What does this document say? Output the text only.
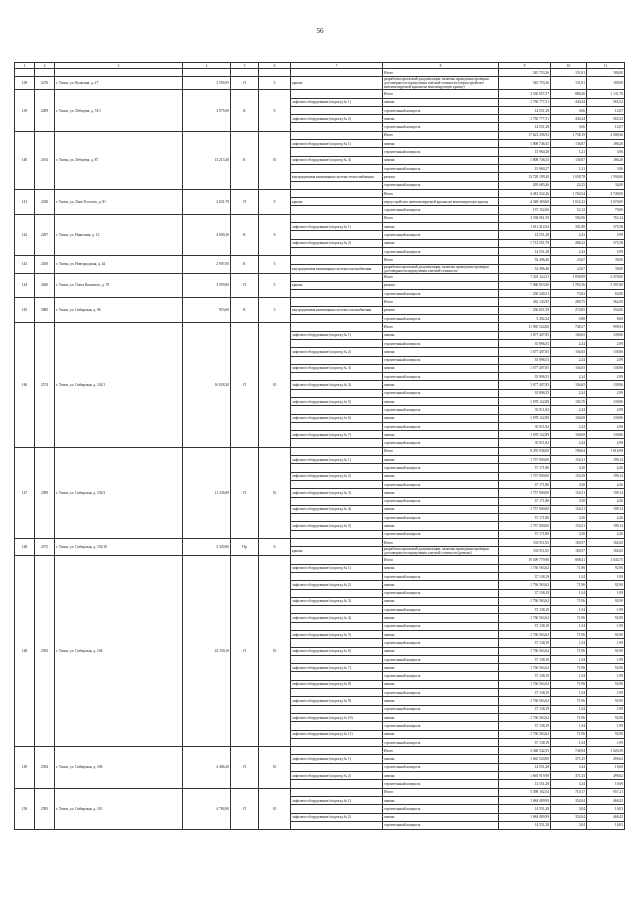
56
1	2	3	4	5	6	7	8	9	10	11
							Итого	545 753,36	151,81	180,00
138	2276	г. Томск, ул. Кулагина, д. 27	3 594,95	П	5	крыша	разработка проектной документации, включая проведение проверки достоверности определения сметной стоимости (переустройство невентилируемой крыши на вентилируемую крышу)	545 753,36	151,81	180,00
139	2289	г. Томск, ул. Лебедева, д. 74/1	3 975,00	К	9		Итого	3 530 657,57	888,20	1 131,76
						лифтовое оборудование (подъезд № 1)	замена	1 750 777,51	440,44	565,52
							строительный контроль	14 551,28	3,66	12,07
						лифтовое оборудование (подъезд № 2)	замена	1 750 777,51	440,44	565,52
							строительный контроль	14 551,28	3,66	12,07
140	2163	г. Томск, ул. Лебедева, д. 87	13 215,40	К	10		Итого	17 623 296,95	1 738,19	2 008,26
						лифтовое оборудование (подъезд № 1)	замена	1 808 746,55	136,87	186,20
							строительный контроль	15 960,28	1,21	3,96
						лифтовое оборудование (подъезд № 4)	замена	1 808 746,55	136,87	186,20
							строительный контроль	15 960,27	1,21	3,96
						внутридомовая инженерная система теплоснабжения	ремонт	13 728 199,20	1 038,78	1 594,00
							строительный контроль	295 683,46	22,25	34,00
141	2438	г. Томск, ул. Льва Толстого, д. 81	2 631,70	П	5		Итого	4 481 522,26	1 704,54	3 749,00
						крыша	переустройство невентилируемой крыши на вентилируемую крышу	4 348 369,60	1 652,22	3 670,00
							строительный контроль	137 152,66	52,12	79,00
142	2297	г. Томск, ул. Никитина, д. 12	4 000,30	К	8		Итого	3 538 061,59	592,96	763,14
						лифтовое оборудование (подъезд № 1)	замена	1 811 412,04	301,88	375,58
							строительный контроль	14 551,28	2,43	5,99
						лифтовое оборудование (подъезд № 2)	замена	1 712 551,79	286,22	375,58
							строительный контроль	14 551,28	2,43	5,99
143	2450	г. Томск, ул. Новгородская, д. 42	2 907,00	К	5		Итого	92 496,40	23,67	39,00
						внутридомовая инженерная система газоснабжения	разработка проектной документации, включая проведение проверки достоверности определения сметной стоимости	52 496,40	23,67	39,00
144	2650	г. Томск, ул. Олега Кошевого, д. 70	3 959,80	П	5		Итого	7 201 124,11	1 858,99	3 470,00
						крыша	ремонт	7 060 853,90	1 783,36	3 397,00
							строительный контроль	250 340,21	73,63	63,00
145	3985	г. Томск, ул. Сибирская, д. 96	953,60	К	3		Итого	262 143,95	280,75	362,00
						внутридомовая инженерная система газоснабжения	ремонт	256 651,59	274,85	354,00
							строительный контроль	5 492,24	5,88	8,00
146	2574	г. Томск, ул. Сибирская, д. 102/1	16 028,30	П	10		Итого	11 995 524,60	748,37	999,93
						лифтовое оборудование (подъезд № 1)	замена	1 677 407,85	104,65	139,86
							строительный контроль	35 896,55	2,24	2,99
						лифтовое оборудование (подъезд № 2)	замена	1 677 407,85	104,65	139,86
							строительный контроль	35 896,55	2,24	2,99
						лифтовое оборудование (подъезд № 3)	замена	1 677 407,85	104,65	139,86
							строительный контроль	35 896,55	2,24	2,99
						лифтовое оборудование (подъезд № 4)	замена	1 677 407,85	104,65	139,86
							строительный контроль	35 896,55	2,24	2,99
						лифтовое оборудование (подъезд № 5)	замена	1 678 122,89	104,70	139,86
							строительный контроль	35 911,82	2,24	2,99
						лифтовое оборудование (подъезд № 6)	замена	1 678 122,89	104,69	139,86
							строительный контроль	35 911,82	2,24	2,99
						лифтовое оборудование (подъезд № 7)	замена	1 678 122,89	104,69	139,86
							строительный контроль	35 911,82	2,24	2,99
147	2589	г. Томск, ул. Сибирская, д. 102/3	11 236,89	П	10		Итого	8 470 938,00	788,04	1 016,99
						лифтовое оборудование (подъезд № 1)	замена	1 757 000,00	154,31	199,14
							строительный контроль	37 171,80	3,30	4,26
						лифтовое оборудование (подъезд № 2)	замена	1 757 000,00	154,39	199,14
							строительный контроль	37 171,80	3,30	4,26
						лифтовое оборудование (подъезд № 3)	замена	1 757 000,00	154,51	199,14
							строительный контроль	37 171,80	3,30	4,26
						лифтовое оборудование (подъезд № 4)	замена	1 757 000,00	154,51	199,14
							строительный контроль	37 171,80	3,30	4,26
						лифтовое оборудование (подъезд № 5)	замена	1 757 000,00	154,51	199,14
							строительный контроль	37 171,80	3,30	4,26
148	2575	г. Томск, ул. Сибирская, д. 102/10	3 320,90	Пр	6		Итого	333 911,65	160,57	182,00
						крыша	разработка проектной документации, включая проведение проверки достоверности определения сметной стоимости (ремонт)	333 911,65	160,57	182,00
148	2592	г. Томск, ул. Сибирская, д. 104	24 150,10	П	10		Итого	19 509 779,90	808,41	1 043,75
						лифтовое оборудование (подъезд № 1)	замена	1 736 563,62	71,96	92,90
							строительный контроль	37 138,19	1,54	1,99
						лифтовое оборудование (подъезд № 2)	замена	1 736 563,62	71,96	92,90
							строительный контроль	37 138,19	1,54	1,99
						лифтовое оборудование (подъезд № 3)	замена	1 736 563,62	71,96	92,90
							строительный контроль	37 138,19	1,54	1,99
						лифтовое оборудование (подъезд № 4)	замена	1 736 563,62	71,96	92,90
							строительный контроль	37 138,19	1,54	1,99
						лифтовое оборудование (подъезд № 5)	замена	1 736 563,62	71,96	92,90
							строительный контроль	37 138,19	1,54	1,99
						лифтовое оборудование (подъезд № 6)	замена	1 736 563,62	71,96	92,90
							строительный контроль	37 138,19	1,54	1,99
						лифтовое оборудование (подъезд № 7)	замена	1 736 563,62	71,96	92,90
							строительный контроль	37 138,19	1,54	1,99
						лифтовое оборудование (подъезд № 8)	замена	1 736 563,62	71,96	92,90
							строительный контроль	37 138,19	1,54	1,99
						лифтовое оборудование (подъезд № 9)	замена	1 736 563,62	71,96	92,90
							строительный контроль	37 138,19	1,54	1,99
						лифтовое оборудование (подъезд № 10)	замена	1 736 563,62	71,96	92,90
							строительный контроль	37 138,19	1,54	1,99
						лифтовое оборудование (подъезд № 11)	замена	1 736 563,62	71,96	92,90
							строительный контроль	37 138,19	1,54	1,99
149	2594	г. Томск, ул. Сибирская, д. 108	4 486,20	П	10		Итого	3 360 542,55	748,94	1 020,59
						лифтовое оборудование (подъезд № 1)	замена	1 665 520,00	371,25	499,62
							строительный контроль	14 551,28	3,24	10,69
						лифтовое оборудование (подъезд № 2)	замена	1 665 919,99	371,33	499,62
							строительный контроль	14 551,28	3,24	10,69
150	2595	г. Томск, ул. Сибирская, д. 110	4 784,90	П	10		Итого	3 398 102,54	710,17	957,21
						лифтовое оборудование (подъезд № 1)	замена	1 684 499,99	352,04	468,45
							строительный контроль	14 551,28	3,04	10,03
						лифтовое оборудование (подъезд № 2)	замена	1 684 499,99	352,04	468,45
							строительный контроль	14 551,28	3,04	10,03
